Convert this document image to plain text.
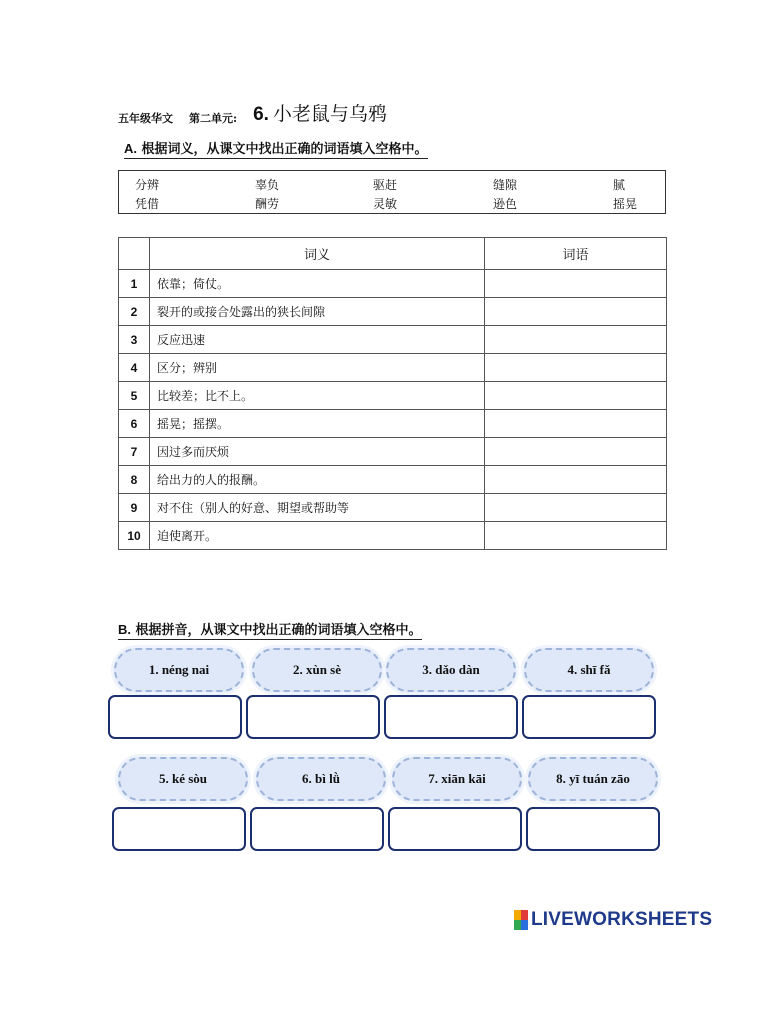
五年级华文 第二单元: 6. 小老鼠与乌鸦
A. 根据词义，从课文中找出正确的词语填入空格中。
分辨	辜负	驱赶	缝隙	腻
凭借	酬劳	灵敏	逊色	摇晃
	词义	词语
1	依靠；倚仗。	
2	裂开的或接合处露出的狭长间隙	
3	反应迅速	
4	区分；辨别	
5	比较差；比不上。	
6	摇晃；摇摆。	
7	因过多而厌烦	
8	给出力的人的报酬。	
9	对不住（别人的好意、期望或帮助等	
10	迫使离开。	
B. 根据拼音，从课文中找出正确的词语填入空格中。
1. néng nai	2. xùn sè	3. dǎo dàn	4. shī fǎ
5. ké sòu	6. bì lǜ	7. xiān kāi	8. yī tuán zāo
LIVEWORKSHEETS
